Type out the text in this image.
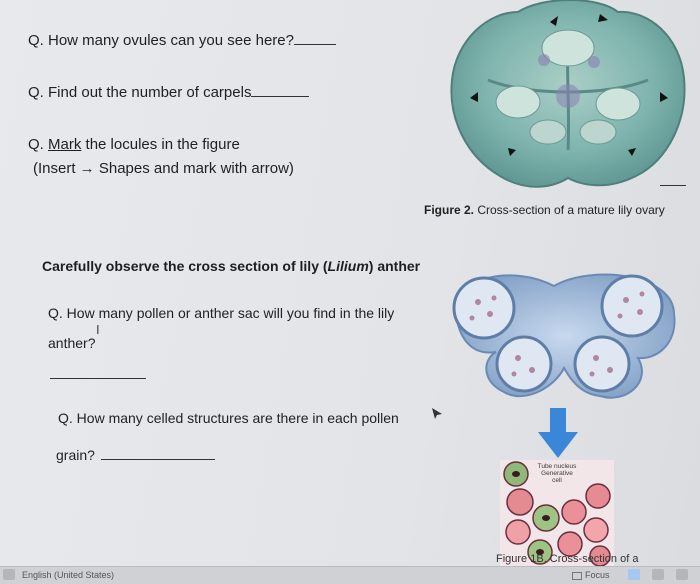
Q. How many ovules can you see here?
Q. Find out the number of carpels
Q. Mark the locules in the figure
(Insert → Shapes and mark with arrow)
Figure 2. Cross-section of a mature lily ovary
Carefully observe the cross section of lily (Lilium) anther
Q. How many pollen or anther sac will you find in the lily
anther?
I
Q. How many celled structures are there in each pollen
grain?
Tube nucleus
Generative
cell
Figure 1B. Cross-section of a
English (United States)	Focus
